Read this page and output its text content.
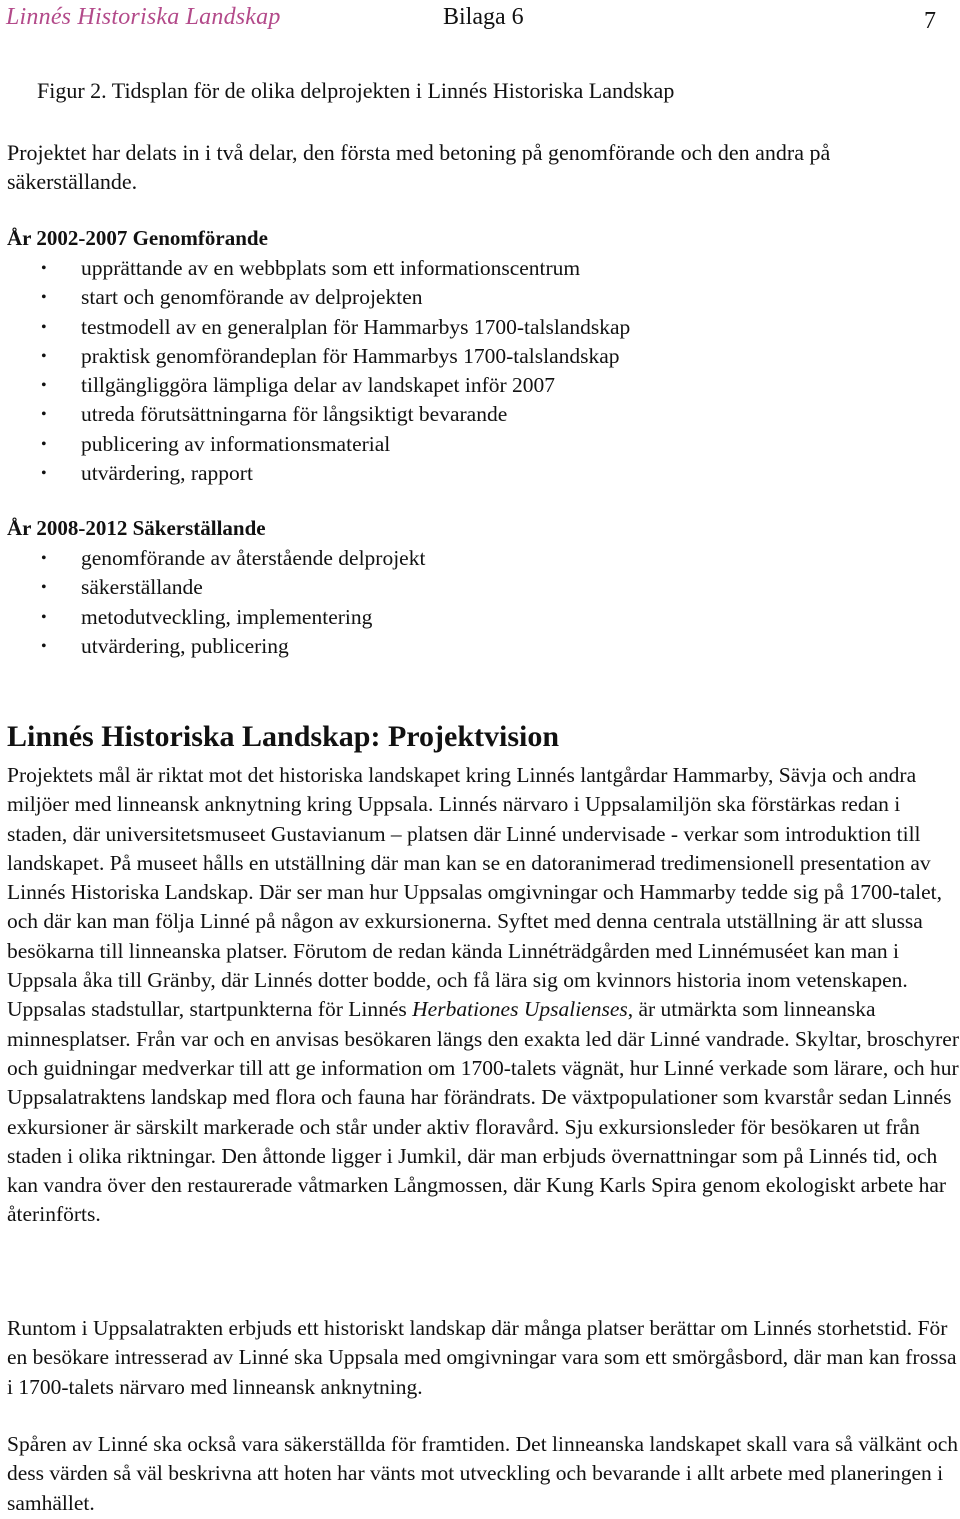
Linnés Historiska Landskap	Bilaga 6	7
Figur 2. Tidsplan för de olika delprojekten i Linnés Historiska Landskap

Projektet har delats in i två delar, den första med betoning på genomförande och den andra på säkerställande.

År 2002-2007 Genomförande
• upprättande av en webbplats som ett informationscentrum
• start och genomförande av delprojekten
• testmodell av en generalplan för Hammarbys 1700-talslandskap
• praktisk genomförandeplan för Hammarbys 1700-talslandskap
• tillgängliggöra lämpliga delar av landskapet inför 2007
• utreda förutsättningarna för långsiktigt bevarande
• publicering av informationsmaterial
• utvärdering, rapport
År 2008-2012 Säkerställande
• genomförande av återstående delprojekt
• säkerställande
• metodutveckling, implementering
• utvärdering, publicering
Linnés Historiska Landskap: Projektvision

Projektets mål är riktat mot det historiska landskapet kring Linnés lantgårdar Hammarby, Sävja och andra miljöer med linneansk anknytning kring Uppsala. Linnés närvaro i Uppsalamiljön ska förstärkas redan i staden, där universitetsmuseet Gustavianum – platsen där Linné undervisade - verkar som introduktion till landskapet. På museet hålls en utställning där man kan se en datoranimerad tredimensionell presentation av Linnés Historiska Landskap. Där ser man hur Uppsalas omgivningar och Hammarby tedde sig på 1700-talet, och där kan man följa Linné på någon av exkursionerna. Syftet med denna centrala utställning är att slussa besökarna till linneanska platser. Förutom de redan kända Linnéträdgården med Linnémuséet kan man i Uppsala åka till Gränby, där Linnés dotter bodde, och få lära sig om kvinnors historia inom vetenskapen. Uppsalas stadstullar, startpunkterna för Linnés Herbationes Upsalienses, är utmärkta som linneanska minnesplatser. Från var och en anvisas besökaren längs den exakta led där Linné vandrade. Skyltar, broschyrer och guidningar medverkar till att ge information om 1700-talets vägnät, hur Linné verkade som lärare, och hur Uppsalatraktens landskap med flora och fauna har förändrats. De växtpopulationer som kvarstår sedan Linnés exkursioner är särskilt markerade och står under aktiv floravård. Sju exkursionsleder för besökaren ut från staden i olika riktningar. Den åttonde ligger i Jumkil, där man erbjuds övernattningar som på Linnés tid, och kan vandra över den restaurerade våtmarken Långmossen, där Kung Karls Spira genom ekologiskt arbete har återinförts.

Runtom i Uppsalatrakten erbjuds ett historiskt landskap där många platser berättar om Linnés storhetstid. För en besökare intresserad av Linné ska Uppsala med omgivningar vara som ett smörgåsbord, där man kan frossa i 1700-talets närvaro med linneansk anknytning.

Spåren av Linné ska också vara säkerställda för framtiden. Det linneanska landskapet skall vara så välkänt och dess värden så väl beskrivna att hoten har vänts mot utveckling och bevarande i allt arbete med planeringen i samhället.
